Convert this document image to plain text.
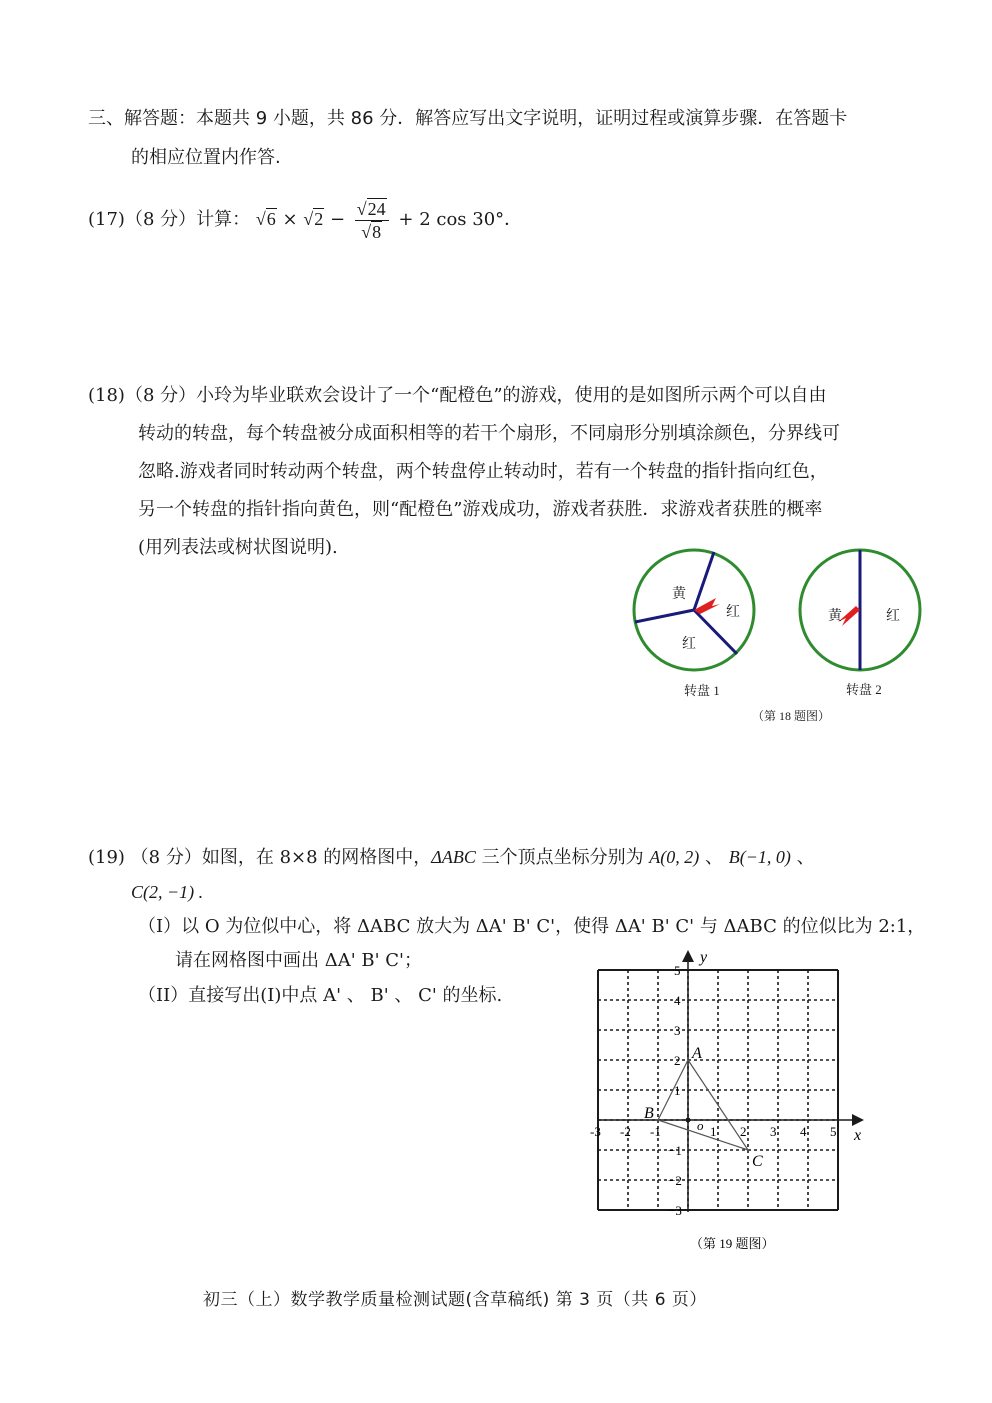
三、解答题：本题共 9 小题，共 86 分．解答应写出文字说明，证明过程或演算步骤．在答题卡
的相应位置内作答.
(17)（8 分）计算： $√6 \times √2 - \frac{√24}{√8} + 2$ cos 30°．
(18)（8 分）小玲为毕业联欢会设计了一个“配橙色”的游戏，使用的是如图所示两个可以自由
转动的转盘，每个转盘被分成面积相等的若干个扇形，不同扇形分别填涂颜色，分界线可
忽略.游戏者同时转动两个转盘，两个转盘停止转动时，若有一个转盘的指针指向红色，
另一个转盘的指针指向黄色，则“配橙色”游戏成功，游戏者获胜．求游戏者获胜的概率
(用列表法或树状图说明).
黄
红
红
转盘 1
黄	红
转盘 2
（第 18 题图）
(19) （8 分）如图，在 8×8 的网格图中，ΔABC 三个顶点坐标分别为 A(0, 2) 、 B(−1, 0) 、
C(2, −1) .
（I）以 O 为位似中心，将 ΔABC 放大为 ΔA' B' C'，使得 ΔA' B' C' 与 ΔABC 的位似比为 2:1，
请在网格图中画出 ΔA' B' C'；
（II）直接写出(Ⅰ)中点 A' 、 B' 、 C' 的坐标.
x
y
o
-3 -2 -1	1 2 3 4 5
5
4
3
2
1
−1
−2
−3
A
B
C
（第 19 题图）
初三（上）数学教学质量检测试题(含草稿纸) 第 3 页（共 6 页）
